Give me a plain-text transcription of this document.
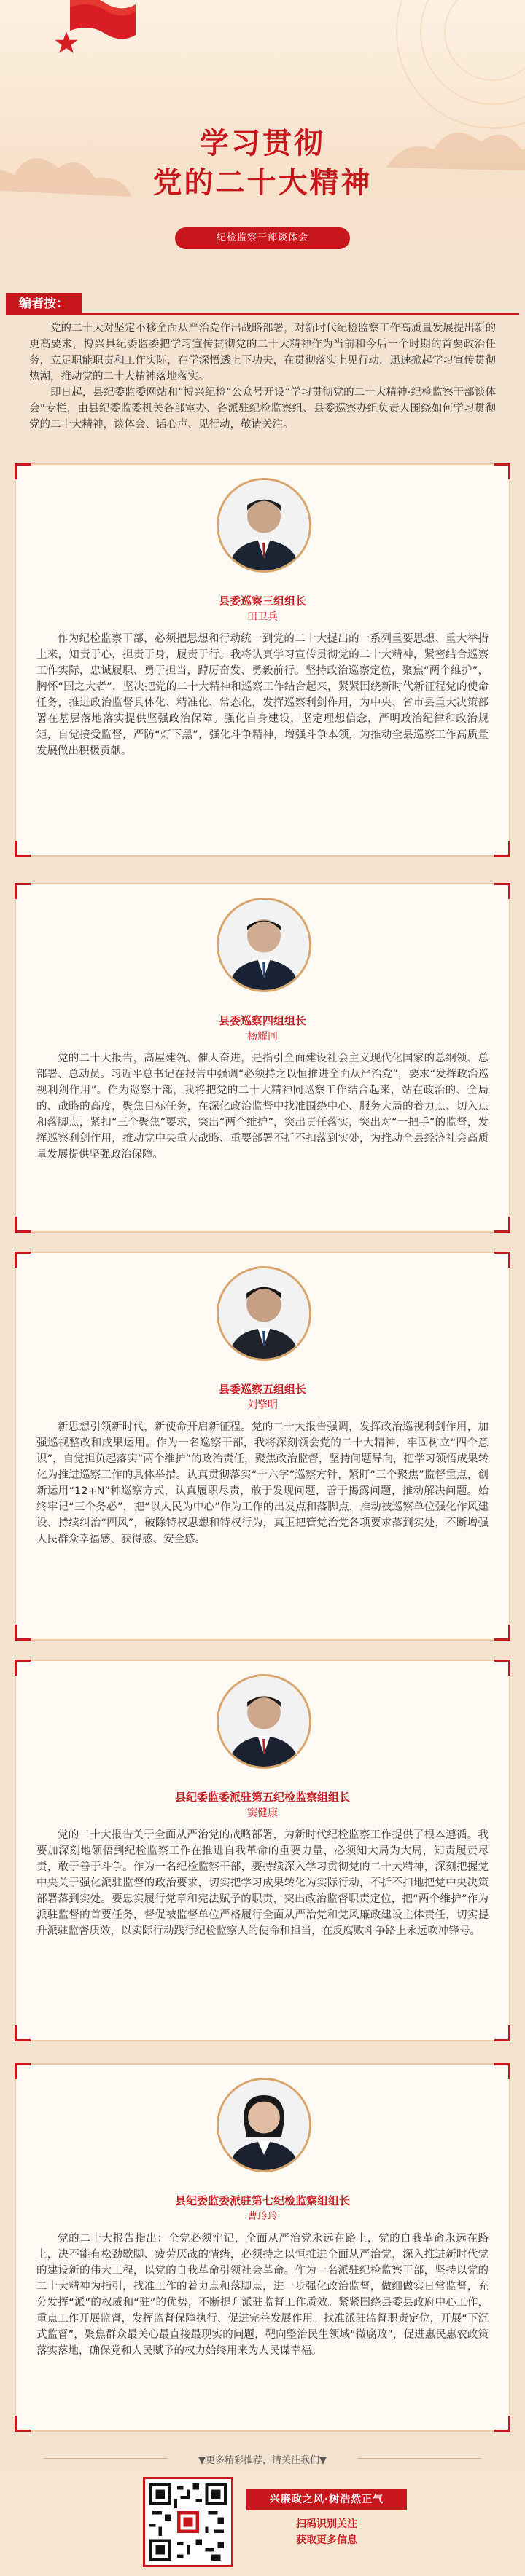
学习贯彻
党的二十大精神
纪检监察干部谈体会
编者按：

党的二十大对坚定不移全面从严治党作出战略部署，对新时代纪检监察工作高质量发展提出新的更高要求，博兴县纪委监委把学习宣传贯彻党的二十大精神作为当前和今后一个时期的首要政治任务，立足职能职责和工作实际，在学深悟透上下功夫，在贯彻落实上见行动，迅速掀起学习宣传贯彻热潮，推动党的二十大精神落地落实。

即日起，县纪委监委网站和“博兴纪检”公众号开设“学习贯彻党的二十大精神·纪检监察干部谈体会”专栏，由县纪委监委机关各部室办、各派驻纪检监察组、县委巡察办组负责人围绕如何学习贯彻党的二十大精神，谈体会、话心声、见行动，敬请关注。

县委巡察三组组长
田卫兵
作为纪检监察干部，必须把思想和行动统一到党的二十大提出的一系列重要思想、重大举措上来，知责于心，担责于身，履责于行。我将认真学习宣传贯彻党的二十大精神，紧密结合巡察工作实际，忠诚履职、勇于担当，踔厉奋发、勇毅前行。坚持政治巡察定位，聚焦“两个维护”，胸怀“国之大者”，坚决把党的二十大精神和巡察工作结合起来，紧紧围绕新时代新征程党的使命任务，推进政治监督具体化、精准化、常态化，发挥巡察利剑作用，为中央、省市县重大决策部署在基层落地落实提供坚强政治保障。强化自身建设，坚定理想信念，严明政治纪律和政治规矩，自觉接受监督，严防“灯下黑”，强化斗争精神，增强斗争本领，为推动全县巡察工作高质量发展做出积极贡献。
县委巡察四组组长
杨耀同
党的二十大报告，高屋建瓴、催人奋进，是指引全面建设社会主义现代化国家的总纲领、总部署、总动员。习近平总书记在报告中强调“必须持之以恒推进全面从严治党”，要求“发挥政治巡视利剑作用”。作为巡察干部，我将把党的二十大精神同巡察工作结合起来，站在政治的、全局的、战略的高度，聚焦目标任务，在深化政治监督中找准围绕中心、服务大局的着力点、切入点和落脚点，紧扣“三个聚焦”要求，突出“两个维护”，突出责任落实，突出对“一把手”的监督，发挥巡察利剑作用，推动党中央重大战略、重要部署不折不扣落到实处，为推动全县经济社会高质量发展提供坚强政治保障。
县委巡察五组组长
刘擎明
新思想引领新时代，新使命开启新征程。党的二十大报告强调，发挥政治巡视利剑作用，加强巡视整改和成果运用。作为一名巡察干部，我将深刻领会党的二十大精神，牢固树立“四个意识”，自觉担负起落实“两个维护”的政治责任，聚焦政治监督，坚持问题导向，把学习领悟成果转化为推进巡察工作的具体举措。认真贯彻落实“十六字”巡察方针，紧盯“三个聚焦”监督重点，创新运用“12+N”种巡察方式，认真履职尽责，敢于发现问题，善于揭露问题，推动解决问题。始终牢记“三个务必”，把“以人民为中心”作为工作的出发点和落脚点，推动被巡察单位强化作风建设、持续纠治“四风”，破除特权思想和特权行为，真正把管党治党各项要求落到实处，不断增强人民群众幸福感、获得感、安全感。
县纪委监委派驻第五纪检监察组组长
窦健康
党的二十大报告关于全面从严治党的战略部署，为新时代纪检监察工作提供了根本遵循。我要加深刻地领悟到纪检监察工作在推进自我革命的重要力量，必须知大局为大局，知责履责尽责，敢于善于斗争。作为一名纪检监察干部，要持续深入学习贯彻党的二十大精神，深刻把握党中央关于强化派驻监督的政治要求，切实把学习成果转化为实际行动，不折不扣地把党中央决策部署落到实处。要忠实履行党章和宪法赋予的职责，突出政治监督职责定位，把“两个维护”作为派驻监督的首要任务，督促被监督单位严格履行全面从严治党和党风廉政建设主体责任，切实提升派驻监督质效，以实际行动践行纪检监察人的使命和担当，在反腐败斗争路上永远吹冲锋号。
县纪委监委派驻第七纪检监察组组长
曹玲玲
党的二十大报告指出：全党必须牢记，全面从严治党永远在路上，党的自我革命永远在路上，决不能有松劲歇脚、疲劳厌战的情绪，必须持之以恒推进全面从严治党，深入推进新时代党的建设新的伟大工程，以党的自我革命引领社会革命。作为一名派驻纪检监察干部，坚持以党的二十大精神为指引，找准工作的着力点和落脚点，进一步强化政治监督，做细做实日常监督，充分发挥“派”的权威和“驻”的优势，不断提升派驻监督工作质效。紧紧围绕县委县政府中心工作，重点工作开展监督，发挥监督保障执行、促进完善发展作用。找准派驻监督职责定位，开展“下沉式监督”，聚焦群众最关心最直接最现实的问题，靶向整治民生领域“微腐败”，促进惠民惠农政策落实落地，确保党和人民赋予的权力始终用来为人民谋幸福。
▼更多精彩推荐，请关注我们▼
兴廉政之风·树浩然正气
扫码识别关注
获取更多信息
